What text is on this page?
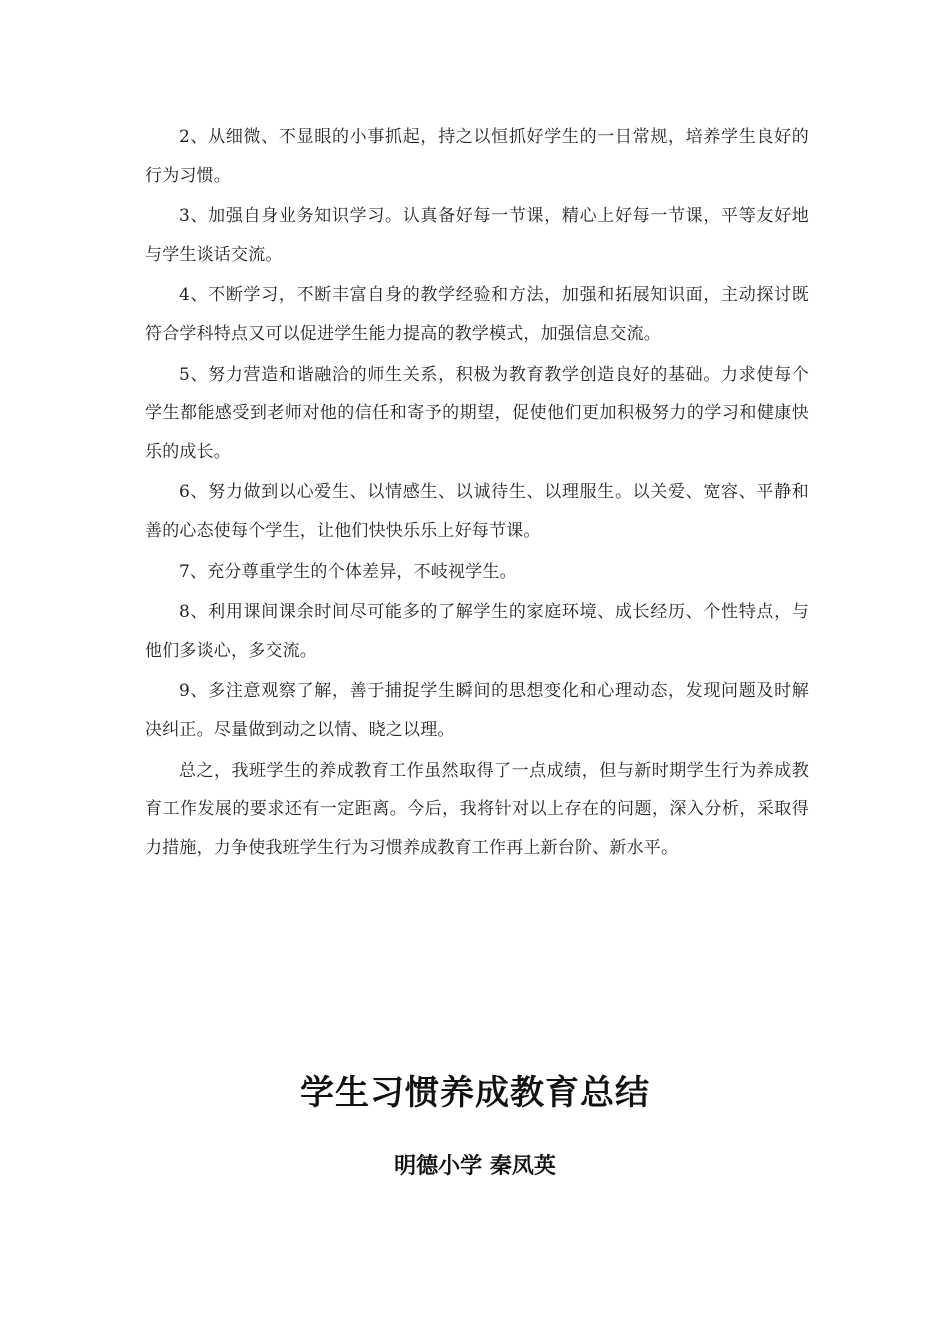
2、从细微、不显眼的小事抓起，持之以恒抓好学生的一日常规，培养学生良好的行为习惯。

3、加强自身业务知识学习。认真备好每一节课，精心上好每一节课，平等友好地与学生谈话交流。

4、不断学习，不断丰富自身的教学经验和方法，加强和拓展知识面，主动探讨既符合学科特点又可以促进学生能力提高的教学模式，加强信息交流。

5、努力营造和谐融洽的师生关系，积极为教育教学创造良好的基础。力求使每个学生都能感受到老师对他的信任和寄予的期望，促使他们更加积极努力的学习和健康快乐的成长。

6、努力做到以心爱生、以情感生、以诚待生、以理服生。以关爱、宽容、平静和善的心态使每个学生，让他们快快乐乐上好每节课。

7、充分尊重学生的个体差异，不岐视学生。

8、利用课间课余时间尽可能多的了解学生的家庭环境、成长经历、个性特点，与他们多谈心，多交流。

9、多注意观察了解，善于捕捉学生瞬间的思想变化和心理动态，发现问题及时解决纠正。尽量做到动之以情、晓之以理。

总之，我班学生的养成教育工作虽然取得了一点成绩，但与新时期学生行为养成教育工作发展的要求还有一定距离。今后，我将针对以上存在的问题，深入分析，采取得力措施，力争使我班学生行为习惯养成教育工作再上新台阶、新水平。

学生习惯养成教育总结

明德小学 秦凤英
